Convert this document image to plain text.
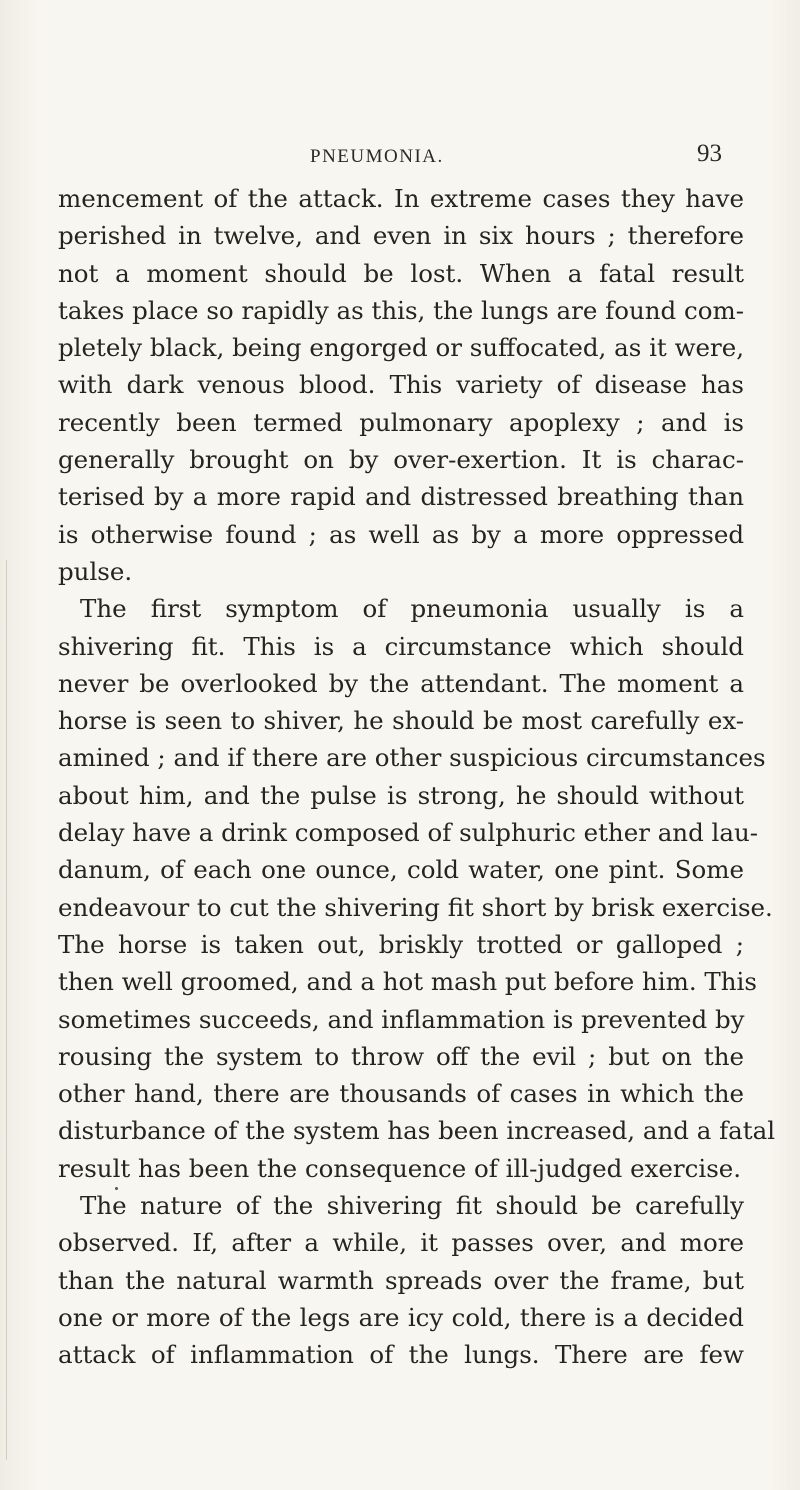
PNEUMONIA.	93
mencement of the attack. In extreme cases they have
perished in twelve, and even in six hours ; therefore
not a moment should be lost. When a fatal result
takes place so rapidly as this, the lungs are found com-
pletely black, being engorged or suffocated, as it were,
with dark venous blood. This variety of disease has
recently been termed pulmonary apoplexy ; and is
generally brought on by over-exertion. It is charac-
terised by a more rapid and distressed breathing than
is otherwise found ; as well as by a more oppressed
pulse.
The first symptom of pneumonia usually is a
shivering fit. This is a circumstance which should
never be overlooked by the attendant. The moment a
horse is seen to shiver, he should be most carefully ex-
amined ; and if there are other suspicious circumstances
about him, and the pulse is strong, he should without
delay have a drink composed of sulphuric ether and lau-
danum, of each one ounce, cold water, one pint. Some
endeavour to cut the shivering fit short by brisk exercise.
The horse is taken out, briskly trotted or galloped ;
then well groomed, and a hot mash put before him. This
sometimes succeeds, and inflammation is prevented by
rousing the system to throw off the evil ; but on the
other hand, there are thousands of cases in which the
disturbance of the system has been increased, and a fatal
result has been the consequence of ill-judged exercise.
The nature of the shivering fit should be carefully
observed. If, after a while, it passes over, and more
than the natural warmth spreads over the frame, but
one or more of the legs are icy cold, there is a decided
attack of inflammation of the lungs. There are few
